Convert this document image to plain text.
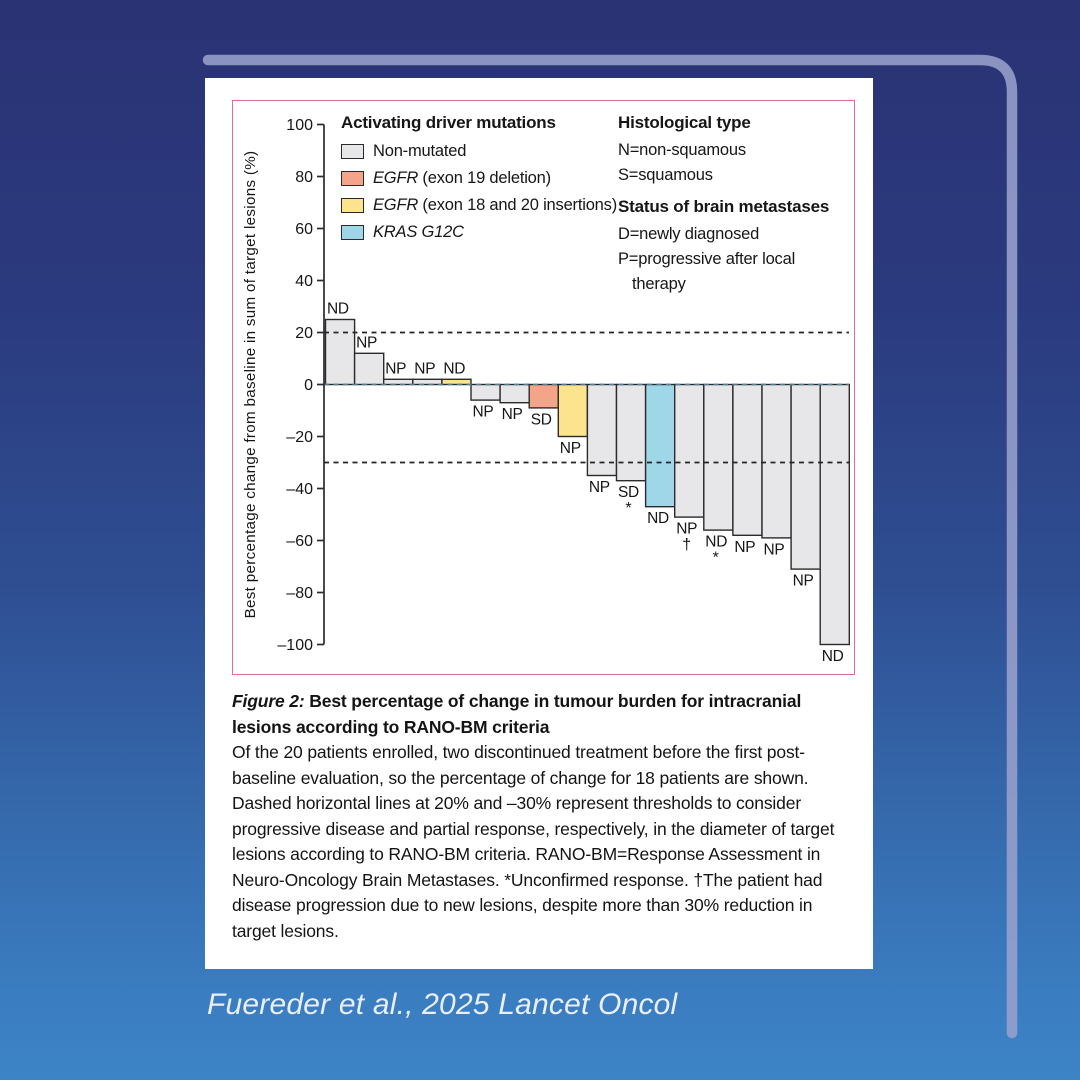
ND
NP
NP NP ND
NP NP SD
NP
NP SD
*
ND
NP
† ND
*
NP NP
NP
ND
100
80
60
40
20
0
–20
–40
–60
–80
–100
Best percentage change from baseline in sum of target lesions (%)
Activating driver mutations
Non-mutated
EGFR (exon 19 deletion)
EGFR (exon 18 and 20 insertions)
KRAS G12C
Histological type
N=non-squamous
S=squamous
Status of brain metastases
D=newly diagnosed
P=progressive after local
therapy

Figure 2: Best percentage of change in tumour burden for intracranial lesions according to RANO-BM criteria

Of the 20 patients enrolled, two discontinued treatment before the first post-baseline evaluation, so the percentage of change for 18 patients are shown. Dashed horizontal lines at 20% and –30% represent thresholds to consider progressive disease and partial response, respectively, in the diameter of target lesions according to RANO-BM criteria. RANO-BM=Response Assessment in Neuro-Oncology Brain Metastases. *Unconfirmed response. †The patient had disease progression due to new lesions, despite more than 30% reduction in target lesions.

Fuereder et al., 2025 Lancet Oncol
